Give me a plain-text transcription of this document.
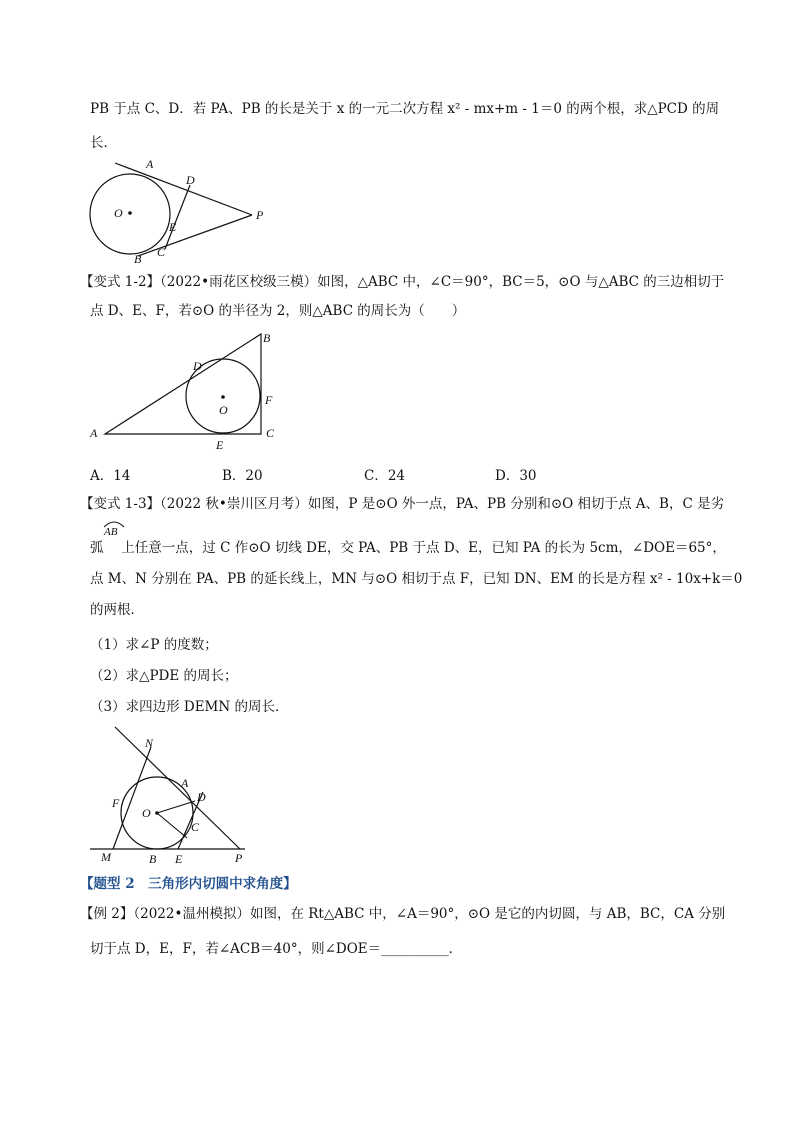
PB 于点 C、D．若 PA、PB 的长是关于 x 的一元二次方程 x² - mx+m - 1＝0 的两个根，求△PCD 的周
长．
A
D
O
E
C
B
P
【变式 1-2】（2022•雨花区校级三模）如图，△ABC 中，∠C＝90°，BC＝5，⊙O 与△ABC 的三边相切于
点 D、E、F，若⊙O 的半径为 2，则△ABC 的周长为（　　）
B
D
O
F
A
E
C
A．14	B．20	C．24	D．30
【变式 1-3】（2022 秋•崇川区月考）如图，P 是⊙O 外一点，PA、PB 分别和⊙O 相切于点 A、B，C 是劣
AB
弧　 上任意一点，过 C 作⊙O 切线 DE，交 PA、PB 于点 D、E，已知 PA 的长为 5cm，∠DOE＝65°，
点 M、N 分别在 PA、PB 的延长线上，MN 与⊙O 相切于点 F，已知 DN、EM 的长是方程 x² - 10x+k＝0
的两根．
（1）求∠P 的度数；
（2）求△PDE 的周长；
（3）求四边形 DEMN 的周长．
N
A
D
F
O
C
M	B E	P
【题型 2　三角形内切圆中求角度】
【例 2】（2022•温州模拟）如图，在 Rt△ABC 中，∠A＝90°，⊙O 是它的内切圆，与 AB，BC，CA 分别
切于点 D，E，F，若∠ACB＝40°，则∠DOE＝__________．
